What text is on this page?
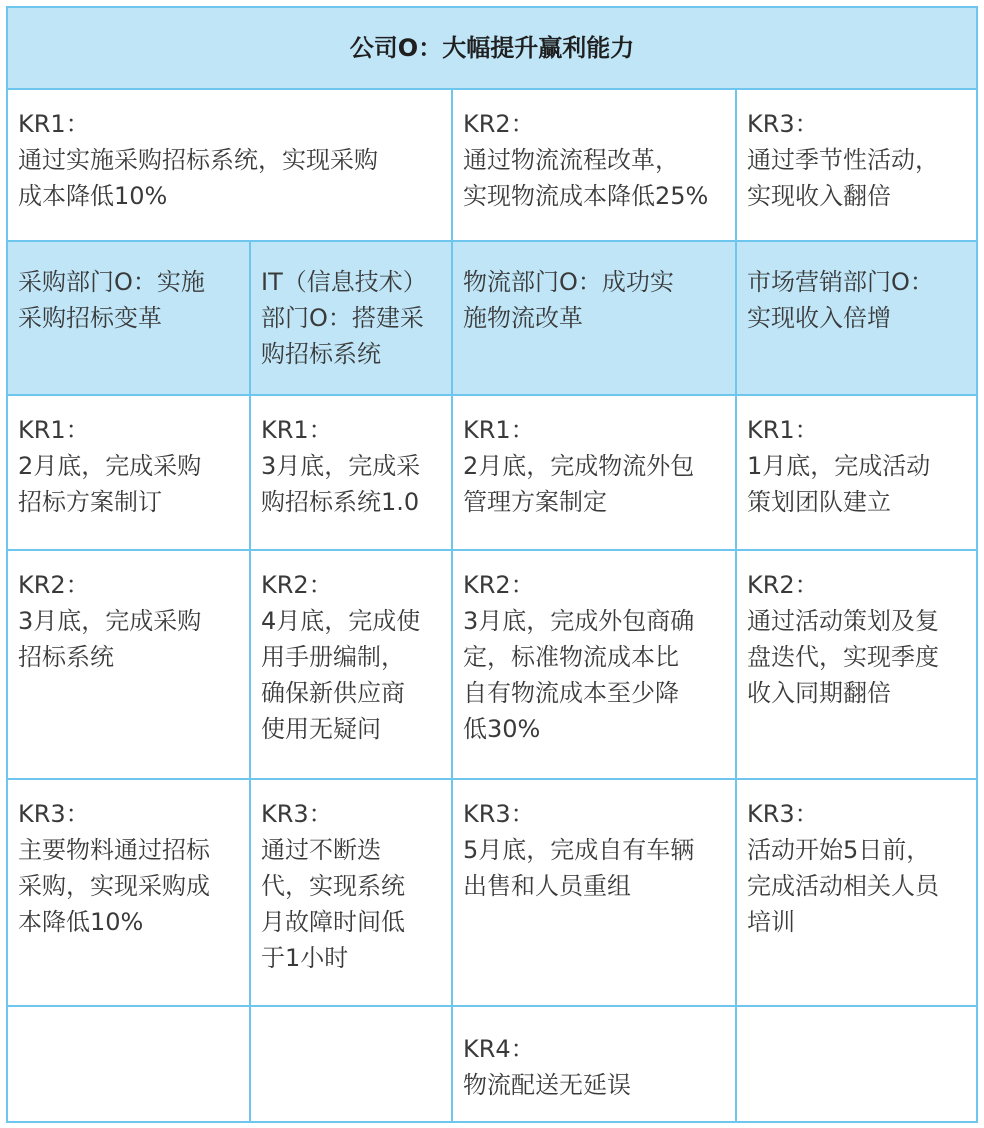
公司O：大幅提升赢利能力
KR1：
通过实施采购招标系统，实现采购
成本降低10%
KR2：
通过物流流程改革，
实现物流成本降低25%
KR3：
通过季节性活动，
实现收入翻倍
采购部门O：实施
采购招标变革
IT（信息技术）
部门O：搭建采
购招标系统
物流部门O：成功实
施物流改革
市场营销部门O：
实现收入倍增
KR1：
2月底，完成采购
招标方案制订
KR1：
3月底，完成采
购招标系统1.0
KR1：
2月底，完成物流外包
管理方案制定
KR1：
1月底，完成活动
策划团队建立
KR2：
3月底，完成采购
招标系统
KR2：
4月底，完成使
用手册编制，
确保新供应商
使用无疑问
KR2：
3月底，完成外包商确
定，标准物流成本比
自有物流成本至少降
低30%
KR2：
通过活动策划及复
盘迭代，实现季度
收入同期翻倍
KR3：
主要物料通过招标
采购，实现采购成
本降低10%
KR3：
通过不断迭
代，实现系统
月故障时间低
于1小时
KR3：
5月底，完成自有车辆
出售和人员重组
KR3：
活动开始5日前，
完成活动相关人员
培训
KR4：
物流配送无延误
